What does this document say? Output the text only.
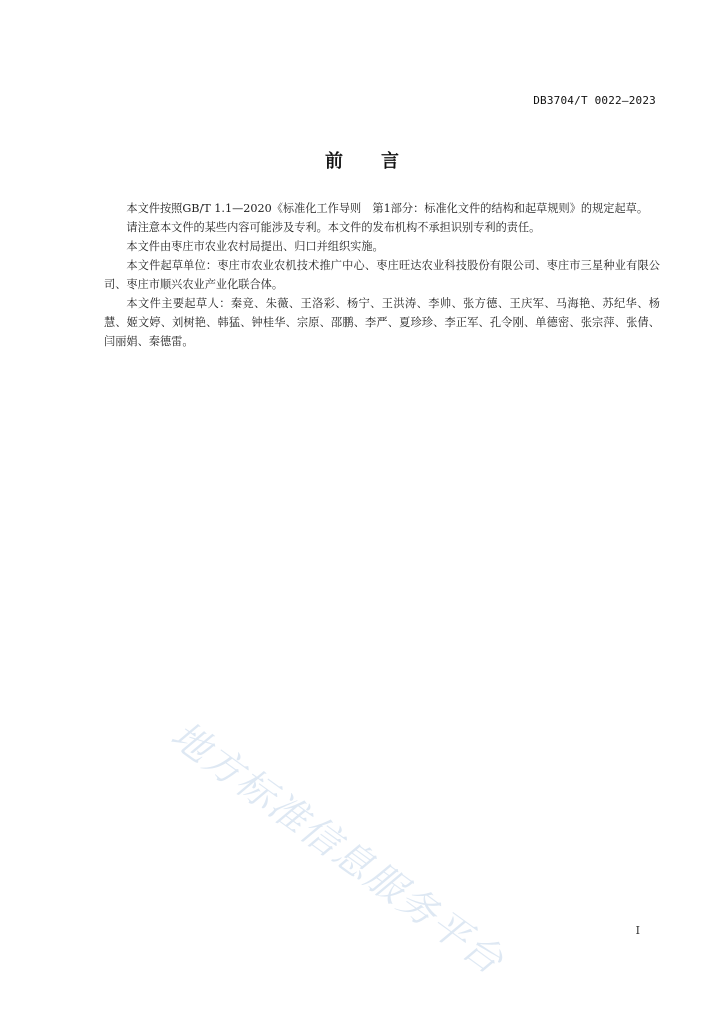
DB3704/T 0022—2023
前 言

本文件按照GB/T 1.1—2020《标准化工作导则　第1部分：标准化文件的结构和起草规则》的规定起草。

请注意本文件的某些内容可能涉及专利。本文件的发布机构不承担识别专利的责任。

本文件由枣庄市农业农村局提出、归口并组织实施。

本文件起草单位：枣庄市农业农机技术推广中心、枣庄旺达农业科技股份有限公司、枣庄市三星种业有限公司、枣庄市顺兴农业产业化联合体。

本文件主要起草人：秦竞、朱薇、王洛彩、杨宁、王洪涛、李帅、张方德、王庆军、马海艳、苏纪华、杨慧、姬文婷、刘树艳、韩猛、钟桂华、宗原、邵鹏、李严、夏珍珍、李正军、孔令刚、单德密、张宗萍、张倩、闫丽娟、秦德雷。

地方标准信息服务平台	I
